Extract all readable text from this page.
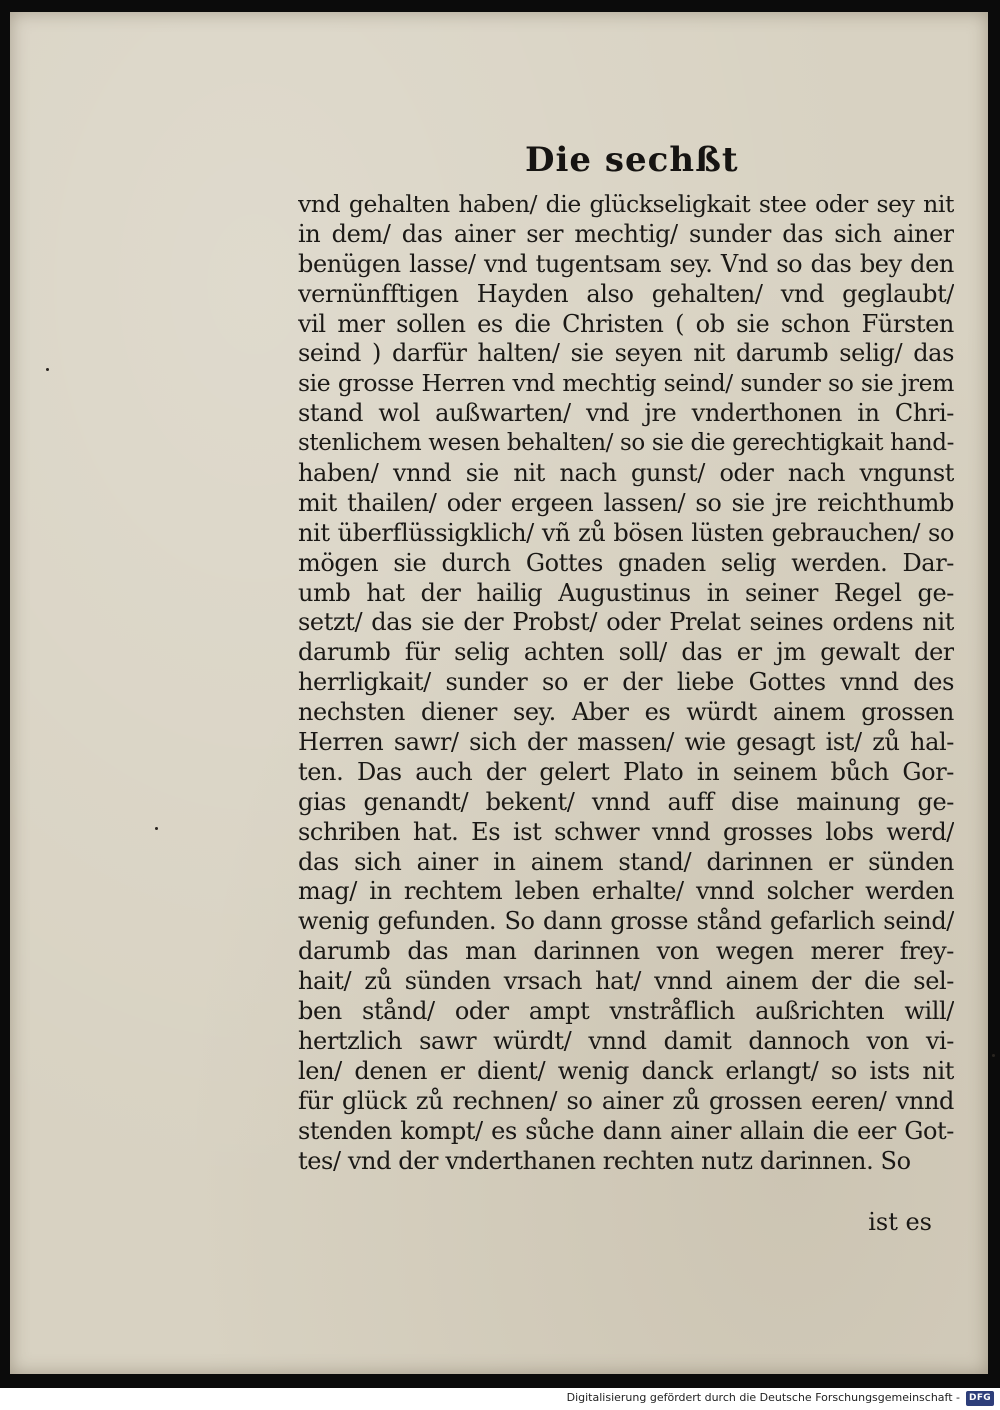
Die sechßt
vnd gehalten haben/ die glückseligkait stee oder sey nit
in dem/ das ainer ser mechtig/ sunder das sich ainer
benügen lasse/ vnd tugentsam sey. Vnd so das bey den
vernünfftigen Hayden also gehalten/ vnd geglaubt/
vil mer sollen es die Christen ( ob sie schon Fürsten
seind ) darfür halten/ sie seyen nit darumb selig/ das
sie grosse Herren vnd mechtig seind/ sunder so sie jrem
stand wol außwarten/ vnd jre vnderthonen in Chri-
stenlichem wesen behalten/ so sie die gerechtigkait hand-
haben/ vnnd sie nit nach gunst/ oder nach vngunst
mit thailen/ oder ergeen lassen/ so sie jre reichthumb
nit überflüssigklich/ vñ zů bösen lüsten gebrauchen/ so
mögen sie durch Gottes gnaden selig werden. Dar-
umb hat der hailig Augustinus in seiner Regel ge-
setzt/ das sie der Probst/ oder Prelat seines ordens nit
darumb für selig achten soll/ das er jm gewalt der
herrligkait/ sunder so er der liebe Gottes vnnd des
nechsten diener sey. Aber es würdt ainem grossen
Herren sawr/ sich der massen/ wie gesagt ist/ zů hal-
ten. Das auch der gelert Plato in seinem bůch Gor-
gias genandt/ bekent/ vnnd auff dise mainung ge-
schriben hat. Es ist schwer vnnd grosses lobs werd/
das sich ainer in ainem stand/ darinnen er sünden
mag/ in rechtem leben erhalte/ vnnd solcher werden
wenig gefunden. So dann grosse stånd gefarlich seind/
darumb das man darinnen von wegen merer frey-
hait/ zů sünden vrsach hat/ vnnd ainem der die sel-
ben stånd/ oder ampt vnstråflich außrichten will/
hertzlich sawr würdt/ vnnd damit dannoch von vi-
len/ denen er dient/ wenig danck erlangt/ so ists nit
für glück zů rechnen/ so ainer zů grossen eeren/ vnnd
stenden kompt/ es sůche dann ainer allain die eer Got-
tes/ vnd der vnderthanen rechten nutz darinnen. So
ist es
Digitalisierung gefördert durch die Deutsche Forschungsgemeinschaft -	DFG
